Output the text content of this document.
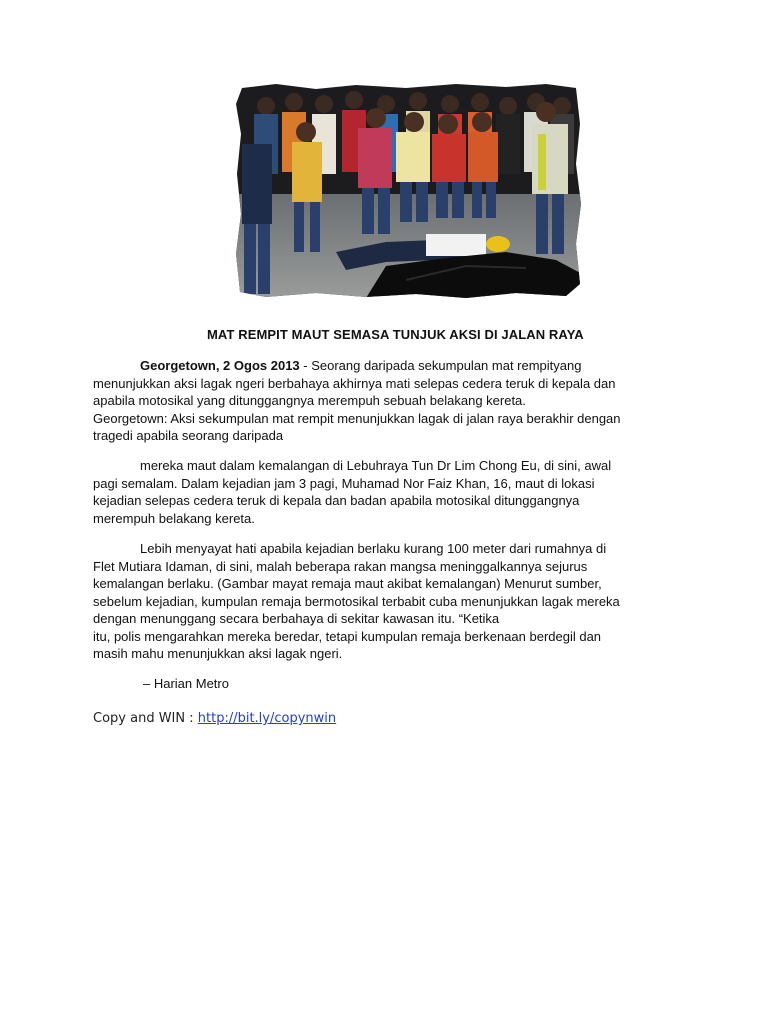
MAT REMPIT MAUT SEMASA TUNJUK AKSI DI JALAN RAYA
Georgetown, 2 Ogos 2013 - Seorang daripada sekumpulan mat rempityang
menunjukkan aksi lagak ngeri berbahaya akhirnya mati selepas cedera teruk di kepala dan
apabila motosikal yang ditunggangnya merempuh sebuah belakang kereta.
Georgetown: Aksi sekumpulan mat rempit menunjukkan lagak di jalan raya berakhir dengan
tragedi apabila seorang daripada
mereka maut dalam kemalangan di Lebuhraya Tun Dr Lim Chong Eu, di sini, awal
pagi semalam. Dalam kejadian jam 3 pagi, Muhamad Nor Faiz Khan, 16, maut di lokasi
kejadian selepas cedera teruk di kepala dan badan apabila motosikal ditunggangnya
merempuh belakang kereta.
Lebih menyayat hati apabila kejadian berlaku kurang 100 meter dari rumahnya di
Flet Mutiara Idaman, di sini, malah beberapa rakan mangsa meninggalkannya sejurus
kemalangan berlaku. (Gambar mayat remaja maut akibat kemalangan) Menurut sumber,
sebelum kejadian, kumpulan remaja bermotosikal terbabit cuba menunjukkan lagak mereka
dengan menunggang secara berbahaya di sekitar kawasan itu. “Ketika
itu, polis mengarahkan mereka beredar, tetapi kumpulan remaja berkenaan berdegil dan
masih mahu menunjukkan aksi lagak ngeri.
– Harian Metro
Copy and WIN : http://bit.ly/copynwin
